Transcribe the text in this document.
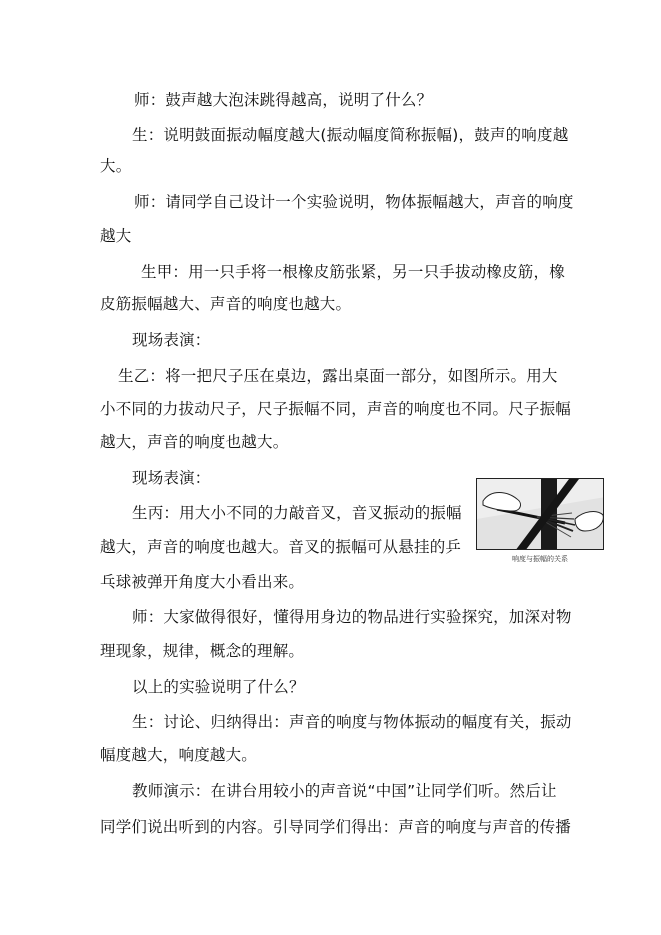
师：鼓声越大泡沫跳得越高，说明了什么？
生：说明鼓面振动幅度越大(振动幅度简称振幅)，鼓声的响度越
大。
师：请同学自己设计一个实验说明，物体振幅越大，声音的响度
越大
生甲：用一只手将一根橡皮筋张紧，另一只手拔动橡皮筋，橡
皮筋振幅越大、声音的响度也越大。
现场表演：
生乙：将一把尺子压在桌边，露出桌面一部分，如图所示。用大
小不同的力拔动尺子，尺子振幅不同，声音的响度也不同。尺子振幅
越大，声音的响度也越大。
现场表演：
生丙：用大小不同的力敲音叉，音叉振动的振幅
越大，声音的响度也越大。音叉的振幅可从悬挂的乒
乓球被弹开角度大小看出来。
师：大家做得很好，懂得用身边的物品进行实验探究，加深对物
理现象，规律，概念的理解。
以上的实验说明了什么？
生：讨论、归纳得出：声音的响度与物体振动的幅度有关，振动
幅度越大，响度越大。
教师演示：在讲台用较小的声音说“中国”让同学们听。然后让
同学们说出听到的内容。引导同学们得出：声音的响度与声音的传播
响度与振幅的关系
